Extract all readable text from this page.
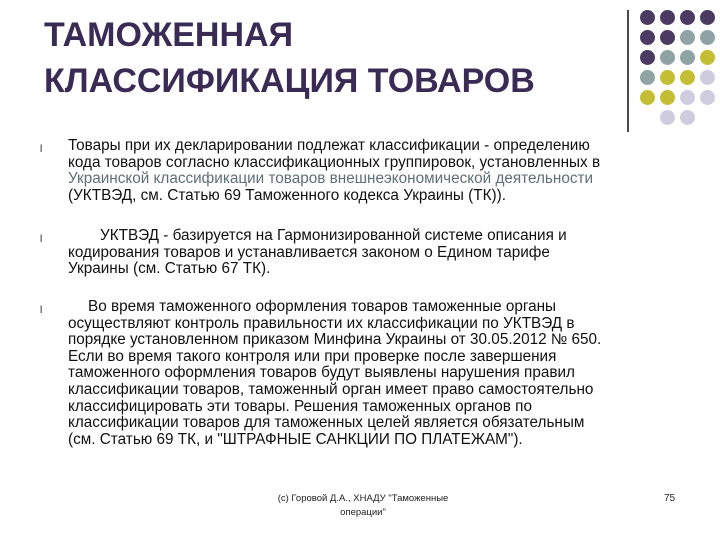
ТАМОЖЕННАЯ
КЛАССИФИКАЦИЯ ТОВАРОВ
l Товары при их декларировании подлежат классификации - определению
кода товаров согласно классификационных группировок, установленных в
Украинской классификации товаров внешнеэкономической деятельности
(УКТВЭД, см. Статью 69 Таможенного кодекса Украины (ТК)).
l	УКТВЭД - базируется на Гармонизированной системе описания и
кодирования товаров и устанавливается законом о Едином тарифе
Украины (см. Статью 67 ТК).
l	Во время таможенного оформления товаров таможенные органы
осуществляют контроль правильности их классификации по УКТВЭД в
порядке установленном приказом Минфина Украины от 30.05.2012 № 650.
Если во время такого контроля или при проверке после завершения
таможенного оформления товаров будут выявлены нарушения правил
классификации товаров, таможенный орган имеет право самостоятельно
классифицировать эти товары. Решения таможенных органов по
классификации товаров для таможенных целей является обязательным
(см. Статью 69 ТК, и "ШТРАФНЫЕ САНКЦИИ ПО ПЛАТЕЖАМ").
(c) Горовой Д.А., ХНАДУ "Таможенные
операции"
75
